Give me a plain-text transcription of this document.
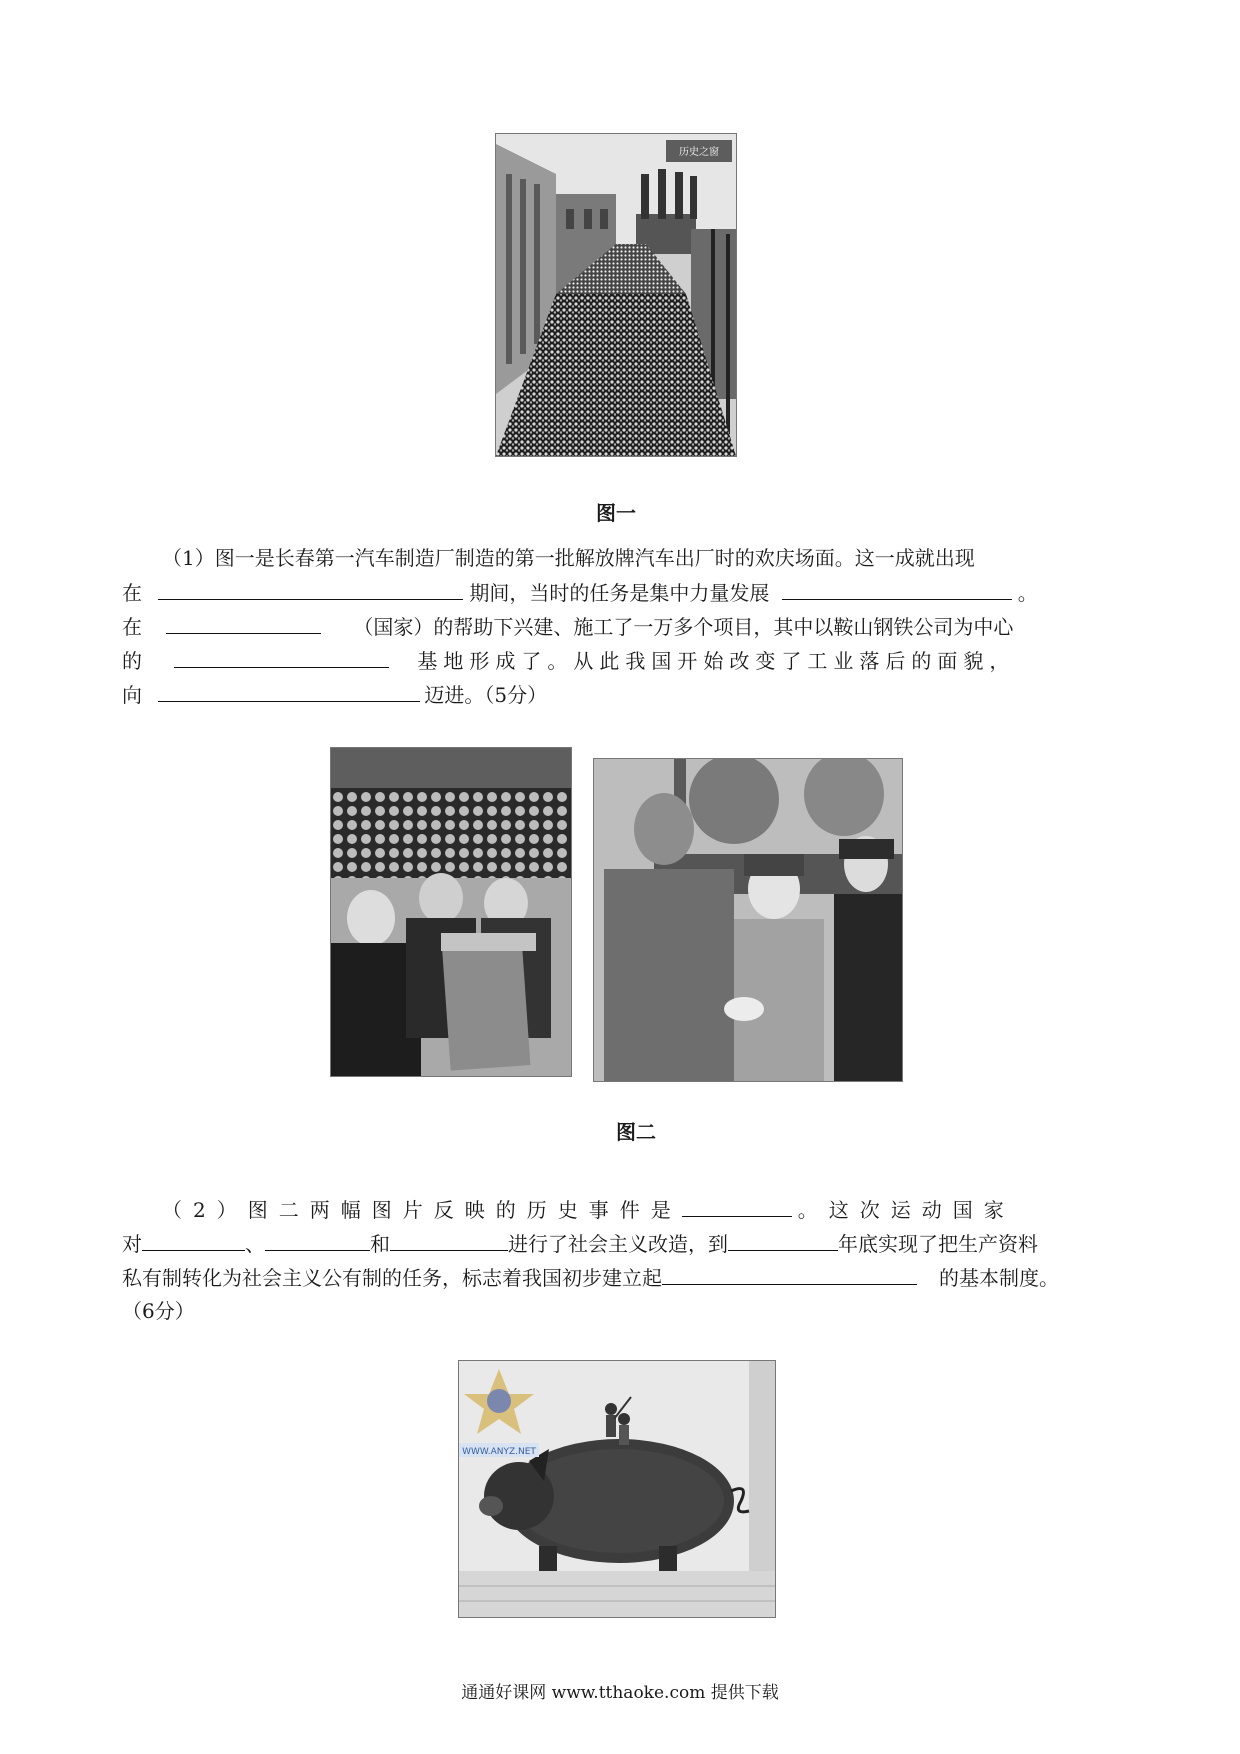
历史之窗
图一
（1）图一是长春第一汽车制造厂制造的第一批解放牌汽车出厂时的欢庆场面。这一成就出现
在	期间，当时的任务是集中力量发展	。
在	（国家）的帮助下兴建、施工了一万多个项目，其中以鞍山钢铁公司为中心
的	基地形成了。从此我国开始改变了工业落后的面貌，
向	迈进。（5分）
图二
（2）图二两幅图片反映的历史事件是	。这次运动国家
对	、	和	进行了社会主义改造，到	年底实现了把生产资料
私有制转化为社会主义公有制的任务，标志着我国初步建立起	的基本制度。
（6分）
WWW.ANYZ.NET
通通好课网 www.tthaoke.com 提供下载
